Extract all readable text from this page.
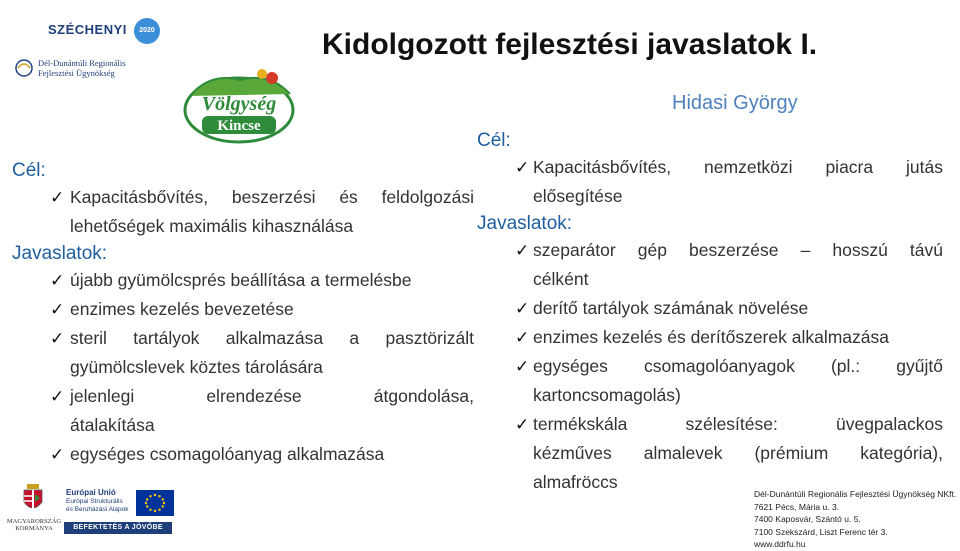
SZÉCHENYI	2020
Dél-Dunántúli Regionális
Fejlesztési Ügynökség
Völgység
Kincse
Kidolgozott fejlesztési javaslatok I.
Hidasi György
Cél:
✓ Kapacitásbővítés, beszerzési és feldolgozási
lehetőségek maximális kihasználása
Javaslatok:
✓ újabb gyümölcsprés beállítása a termelésbe
✓ enzimes kezelés bevezetése
✓ steril tartályok alkalmazása a pasztörizált
gyümölcslevek köztes tárolására
✓ jelenlegi elrendezése átgondolása,
átalakítása
✓ egységes csomagolóanyag alkalmazása
Cél:
✓ Kapacitásbővítés, nemzetközi piacra jutás
elősegítése
Javaslatok:
✓ szeparátor gép beszerzése – hosszú távú
célként
✓ derítő tartályok számának növelése
✓ enzimes kezelés és derítőszerek alkalmazása
✓ egységes csomagolóanyagok (pl.: gyűjtő
kartoncsomagolás)
✓ termékskála szélesítése: üvegpalackos
kézműves almalevek (prémium kategória),
almafröccs
MAGYARORSZÁG
KORMÁNYA
Európai Unió
Európai Strukturális
és Beruházási Alapok
BEFEKTETÉS A JÖVŐBE
Dél-Dunántúli Regionális Fejlesztési Ügynökség NKft.
7621 Pécs, Mária u. 3.
7400 Kaposvár, Szántó u. 5.
7100 Szekszárd, Liszt Ferenc tér 3.
www.ddrfu.hu
